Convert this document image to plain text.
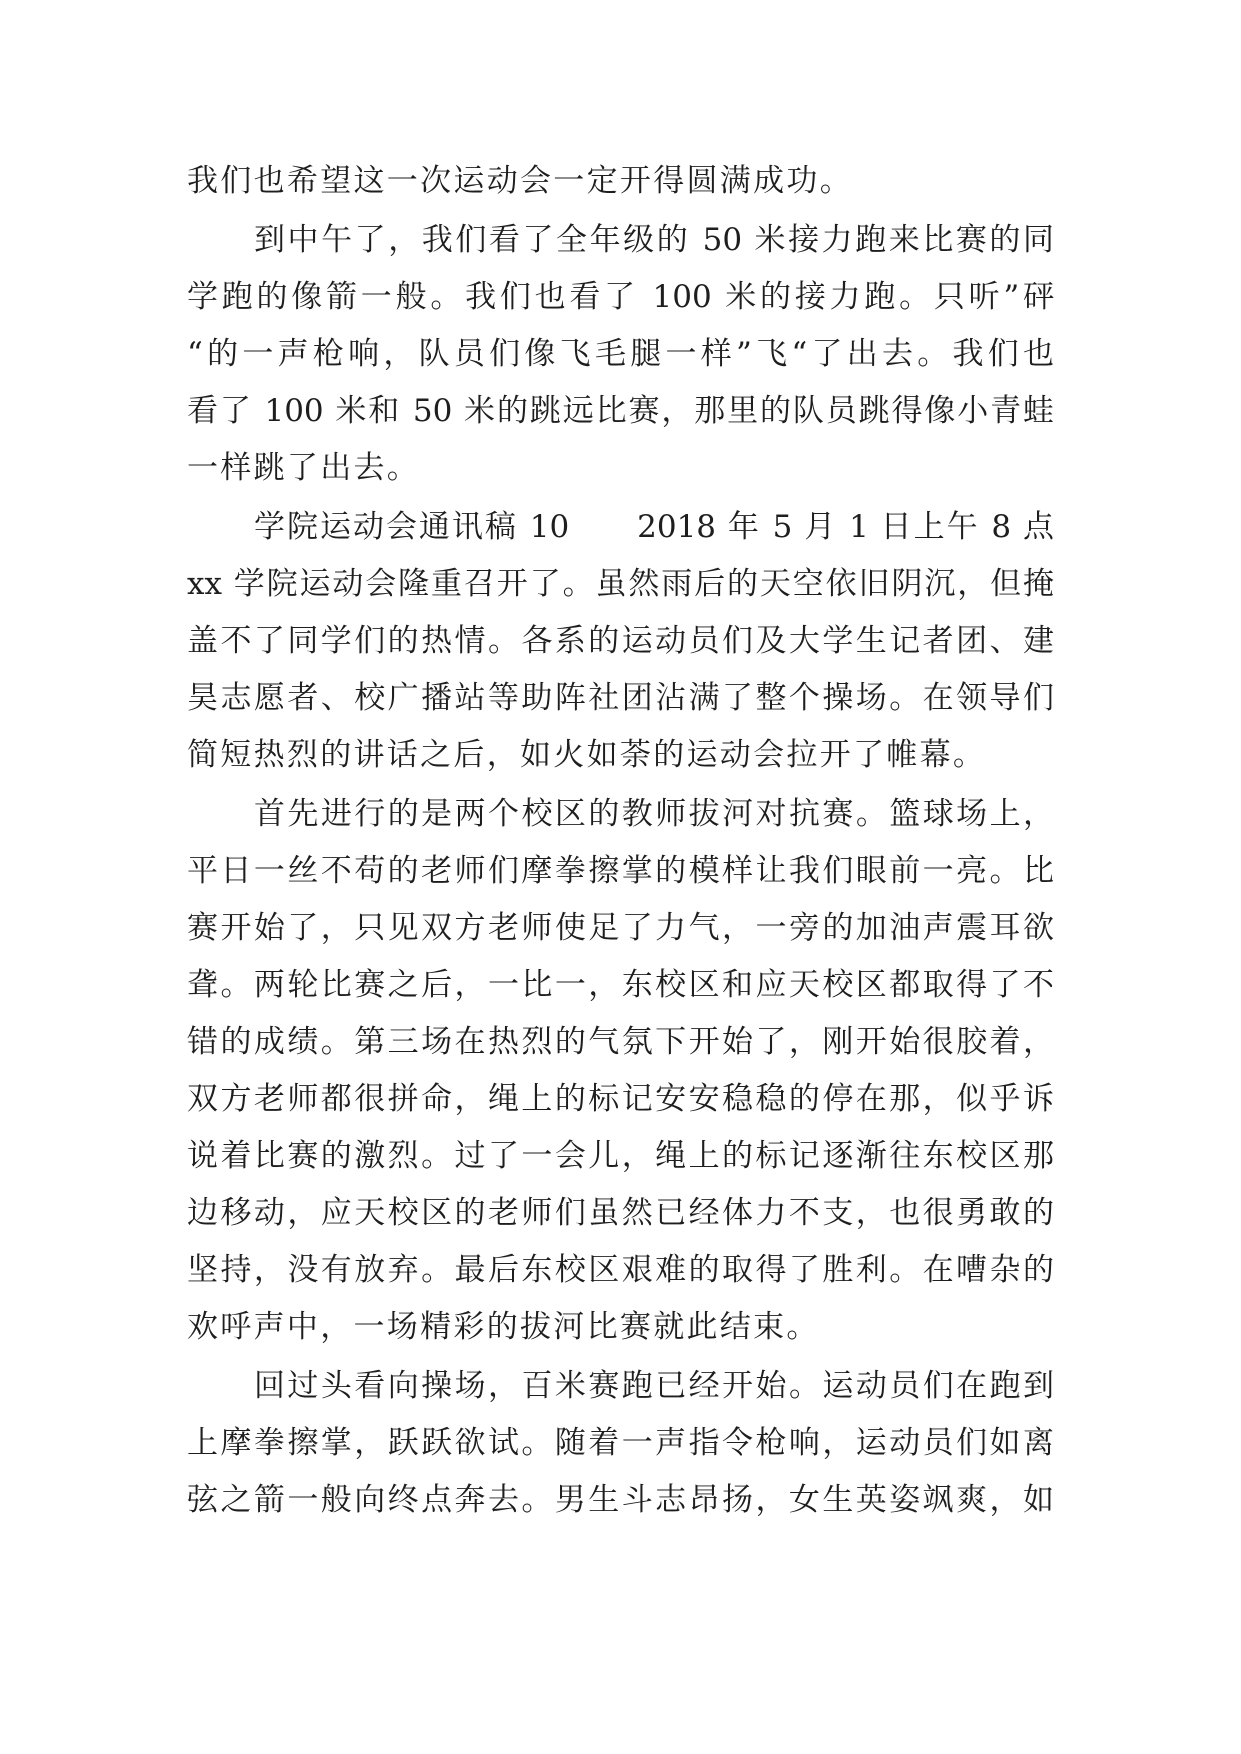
我们也希望这一次运动会一定开得圆满成功。
到中午了，我们看了全年级的 50 米接力跑来比赛的同
学跑的像箭一般。我们也看了 100 米的接力跑。只听”砰
“的一声枪响，队员们像飞毛腿一样”飞“了出去。我们也
看了 100 米和 50 米的跳远比赛，那里的队员跳得像小青蛙
一样跳了出去。
学院运动会通讯稿 10　　2018 年 5 月 1 日上午 8 点
xx 学院运动会隆重召开了。虽然雨后的天空依旧阴沉，但掩
盖不了同学们的热情。各系的运动员们及大学生记者团、建
昊志愿者、校广播站等助阵社团沾满了整个操场。在领导们
简短热烈的讲话之后，如火如荼的运动会拉开了帷幕。
首先进行的是两个校区的教师拔河对抗赛。篮球场上，
平日一丝不苟的老师们摩拳擦掌的模样让我们眼前一亮。比
赛开始了，只见双方老师使足了力气，一旁的加油声震耳欲
聋。两轮比赛之后，一比一，东校区和应天校区都取得了不
错的成绩。第三场在热烈的气氛下开始了，刚开始很胶着，
双方老师都很拼命，绳上的标记安安稳稳的停在那，似乎诉
说着比赛的激烈。过了一会儿，绳上的标记逐渐往东校区那
边移动，应天校区的老师们虽然已经体力不支，也很勇敢的
坚持，没有放弃。最后东校区艰难的取得了胜利。在嘈杂的
欢呼声中，一场精彩的拔河比赛就此结束。
回过头看向操场，百米赛跑已经开始。运动员们在跑到
上摩拳擦掌，跃跃欲试。随着一声指令枪响，运动员们如离
弦之箭一般向终点奔去。男生斗志昂扬，女生英姿飒爽，如
